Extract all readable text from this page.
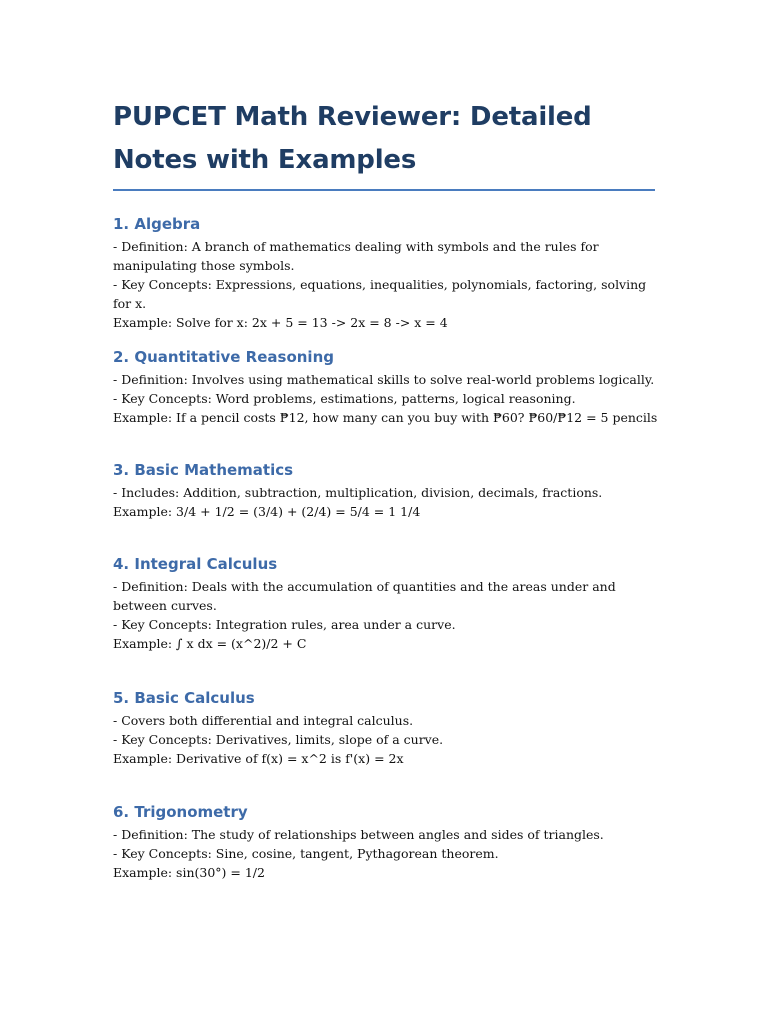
PUPCET Math Reviewer: Detailed Notes with Examples
1. Algebra

- Definition: A branch of mathematics dealing with symbols and the rules for manipulating those symbols.

- Key Concepts: Expressions, equations, inequalities, polynomials, factoring, solving for x.

Example: Solve for x: 2x + 5 = 13 -> 2x = 8 -> x = 4

2. Quantitative Reasoning

- Definition: Involves using mathematical skills to solve real-world problems logically.

- Key Concepts: Word problems, estimations, patterns, logical reasoning.

Example: If a pencil costs ₱12, how many can you buy with ₱60? ₱60/₱12 = 5 pencils

3. Basic Mathematics

- Includes: Addition, subtraction, multiplication, division, decimals, fractions.

Example: 3/4 + 1/2 = (3/4) + (2/4) = 5/4 = 1 1/4

4. Integral Calculus

- Definition: Deals with the accumulation of quantities and the areas under and between curves.

- Key Concepts: Integration rules, area under a curve.

Example: ∫ x dx = (x^2)/2 + C

5. Basic Calculus

- Covers both differential and integral calculus.

- Key Concepts: Derivatives, limits, slope of a curve.

Example: Derivative of f(x) = x^2 is f'(x) = 2x

6. Trigonometry

- Definition: The study of relationships between angles and sides of triangles.

- Key Concepts: Sine, cosine, tangent, Pythagorean theorem.

Example: sin(30°) = 1/2
